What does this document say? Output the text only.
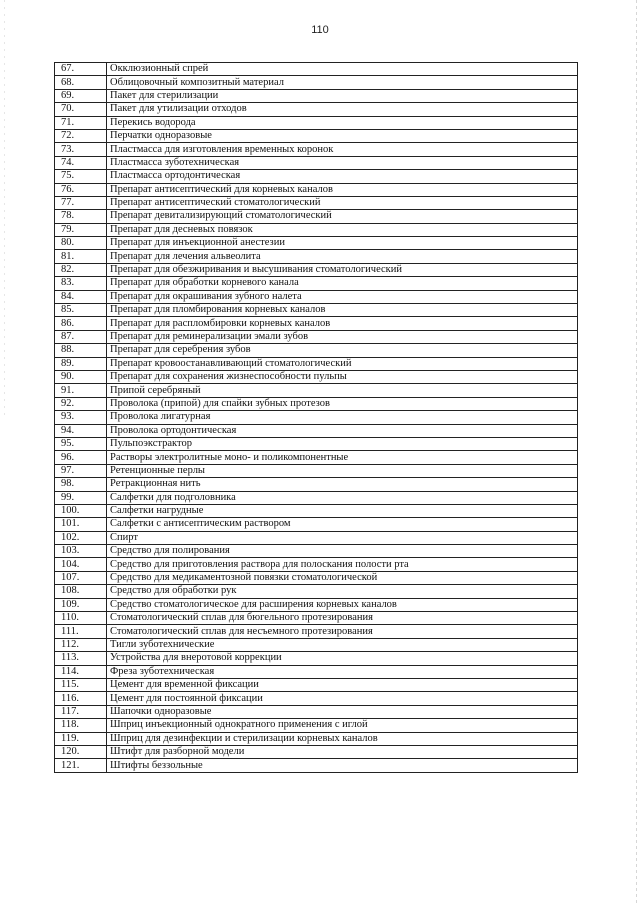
110
67.	Окклюзионный спрей
68.	Облицовочный композитный материал
69.	Пакет для стерилизации
70.	Пакет для утилизации отходов
71.	Перекись водорода
72.	Перчатки одноразовые
73.	Пластмасса для изготовления временных коронок
74.	Пластмасса зуботехническая
75.	Пластмасса ортодонтическая
76.	Препарат антисептический для корневых каналов
77.	Препарат антисептический стоматологический
78.	Препарат девитализирующий стоматологический
79.	Препарат для десневых повязок
80.	Препарат для инъекционной анестезии
81.	Препарат для лечения альвеолита
82.	Препарат для обезжиривания и высушивания стоматологический
83.	Препарат для обработки корневого канала
84.	Препарат для окрашивания зубного налета
85.	Препарат для пломбирования корневых каналов
86.	Препарат для распломбировки корневых каналов
87.	Препарат для реминерализации эмали зубов
88.	Препарат для серебрения зубов
89.	Препарат кровоостанавливающий стоматологический
90.	Препарат для сохранения жизнеспособности пульпы
91.	Припой серебряный
92.	Проволока (припой) для спайки зубных протезов
93.	Проволока лигатурная
94.	Проволока ортодонтическая
95.	Пульпоэкстрактор
96.	Растворы электролитные моно- и поликомпонентные
97.	Ретенционные перлы
98.	Ретракционная нить
99.	Салфетки для подголовника
100.	Салфетки нагрудные
101.	Салфетки с антисептическим раствором
102.	Спирт
103.	Средство для полирования
104.	Средство для приготовления раствора для полоскания полости рта
107.	Средство для медикаментозной повязки стоматологической
108.	Средство для обработки рук
109.	Средство стоматологическое для расширения корневых каналов
110.	Стоматологический сплав для бюгельного протезирования
111.	Стоматологический сплав для несъемного протезирования
112.	Тигли зуботехнические
113.	Устройства для внеротовой коррекции
114.	Фреза зуботехническая
115.	Цемент для временной фиксации
116.	Цемент для постоянной фиксации
117.	Шапочки одноразовые
118.	Шприц инъекционный однократного применения с иглой
119.	Шприц для дезинфекции и стерилизации корневых каналов
120.	Штифт для разборной модели
121.	Штифты беззольные
